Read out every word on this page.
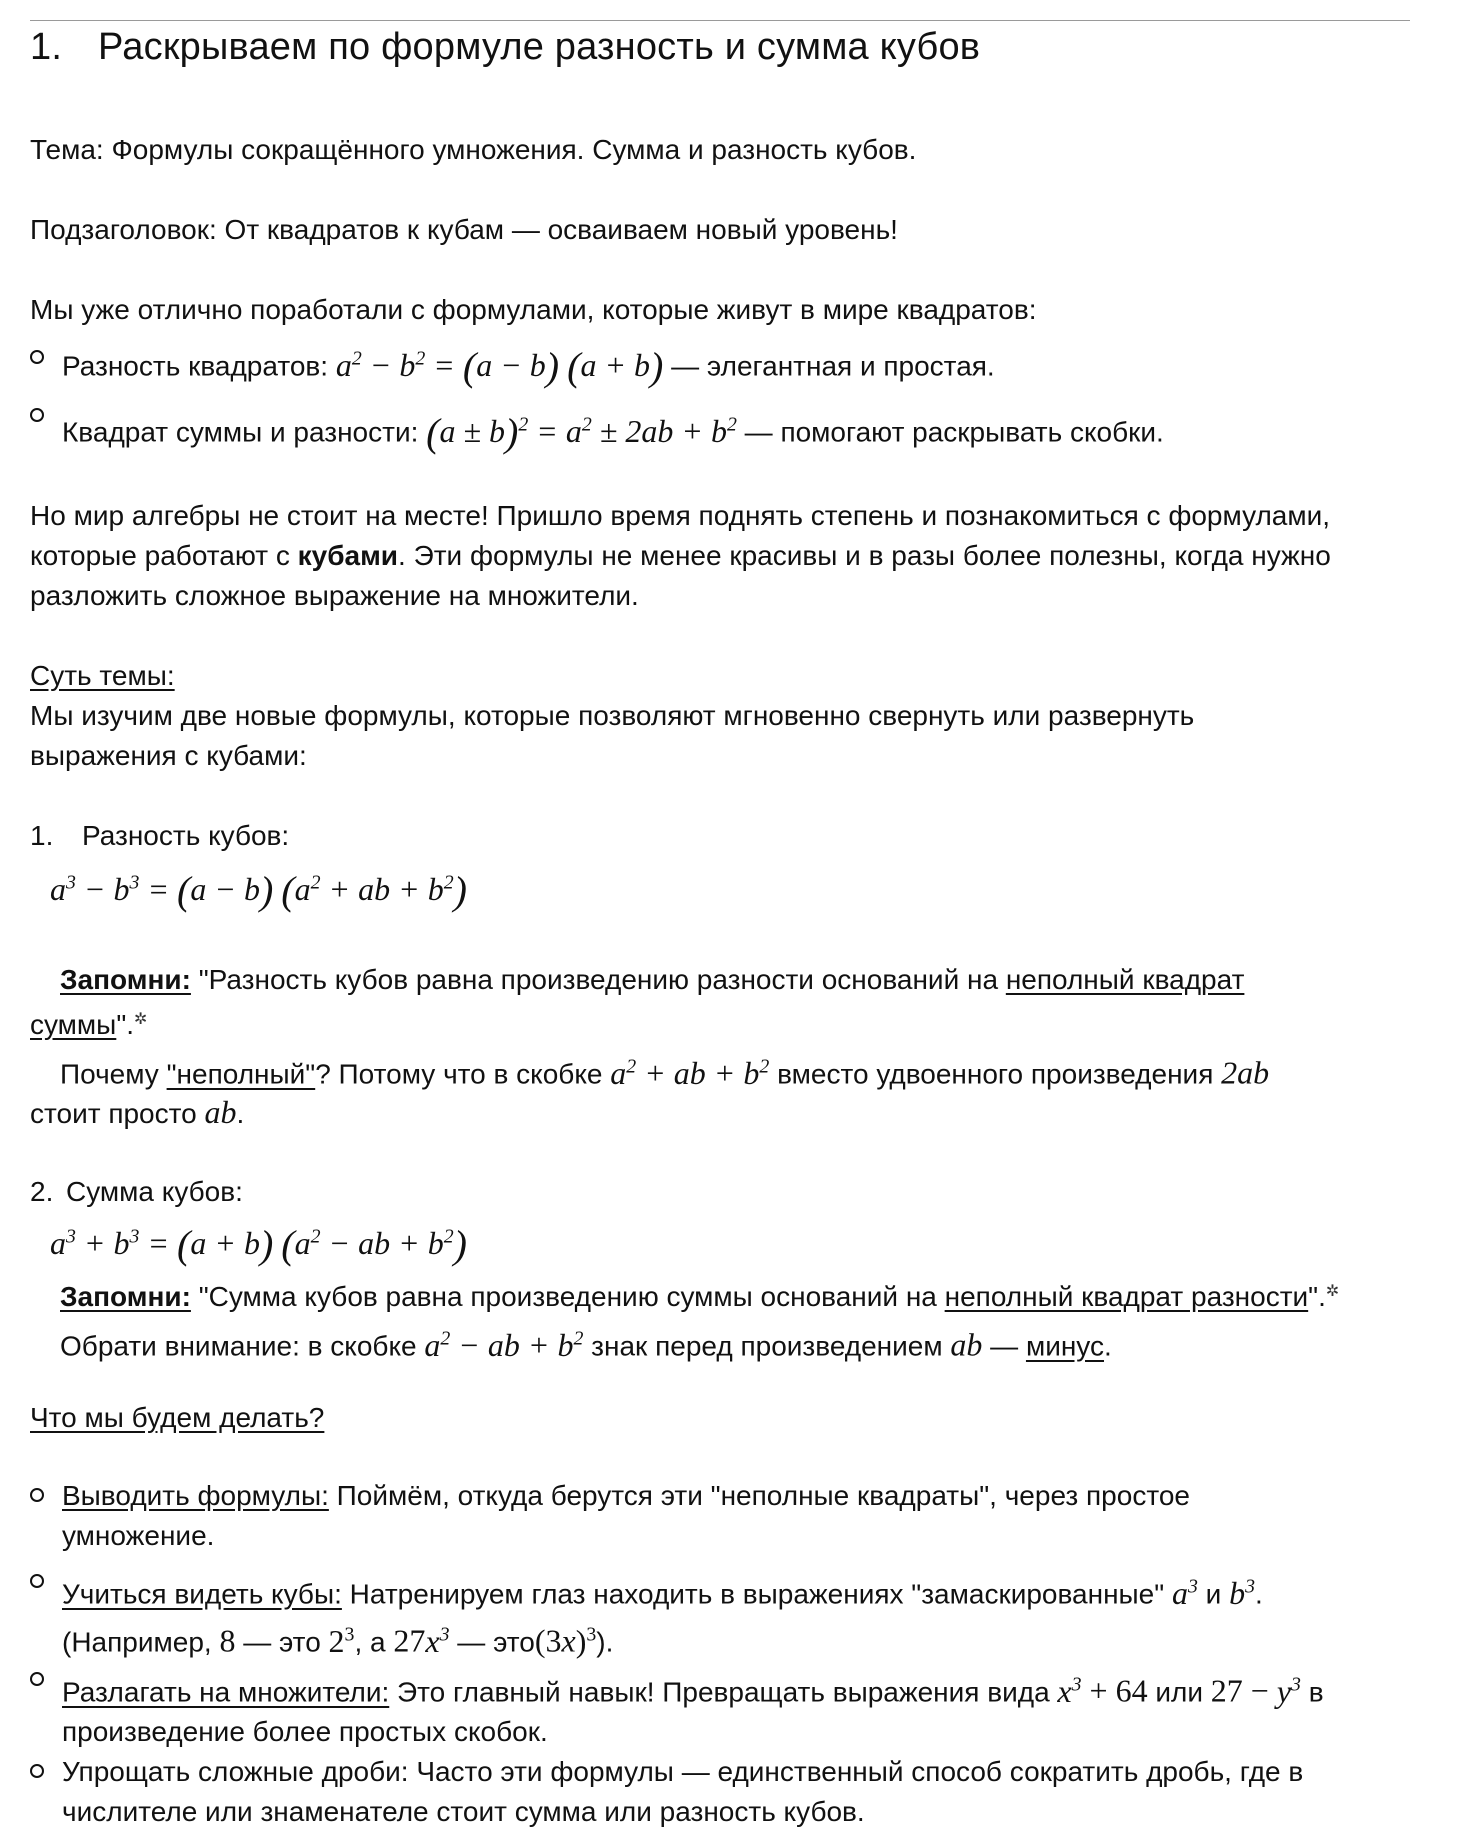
1. Раскрываем по формуле разность и сумма кубов
Тема: Формулы сокращённого умножения. Сумма и разность кубов.
Подзаголовок: От квадратов к кубам — осваиваем новый уровень!
Мы уже отлично поработали с формулами, которые живут в мире квадратов:
Разность квадратов: $a^2 - b^2 = (a - b) (a + b)$ — элегантная и простая.
Квадрат суммы и разности: $(a \pm b)^2 = a^2 \pm 2ab + b^2$ — помогают раскрывать скобки.
Но мир алгебры не стоит на месте! Пришло время поднять степень и познакомиться с формулами,
которые работают с кубами. Эти формулы не менее красивы и в разы более полезны, когда нужно
разложить сложное выражение на множители.
Суть темы:
Мы изучим две новые формулы, которые позволяют мгновенно свернуть или развернуть
выражения с кубами:
1. Разность кубов:
$a^3 - b^3 = (a - b) (a^2$ + ab + $b^2$)
Запомни: "Разность кубов равна произведению разности оснований на неполный квадрат
суммы".✲
Почему "неполный"? Потому что в скобке $a^2$ + ab + $b^2$ вместо удвоенного произведения 2ab
стоит просто ab.
2. Сумма кубов:
$a^3 + b^3 = (a + b) (a^2$ − ab + $b^2$)
Запомни: "Сумма кубов равна произведению суммы оснований на неполный квадрат разности".✲
Обрати внимание: в скобке $a^2$ − ab + $b^2$ знак перед произведением ab — минус.
Что мы будем делать?
Выводить формулы: Поймём, откуда берутся эти "неполные квадраты", через простое
умножение.
Учиться видеть кубы: Натренируем глаз находить в выражениях "замаскированные" $a^3$ и $b^3$.
(Например, 8 — это $2^3$, а $27x^3$ — $это(3x)^3$).
Разлагать на множители: Это главный навык! Превращать выражения вида $x^3 + 64$ или $27 - y^3$ в
произведение более простых скобок.
Упрощать сложные дроби: Часто эти формулы — единственный способ сократить дробь, где в
числителе или знаменателе стоит сумма или разность кубов.
